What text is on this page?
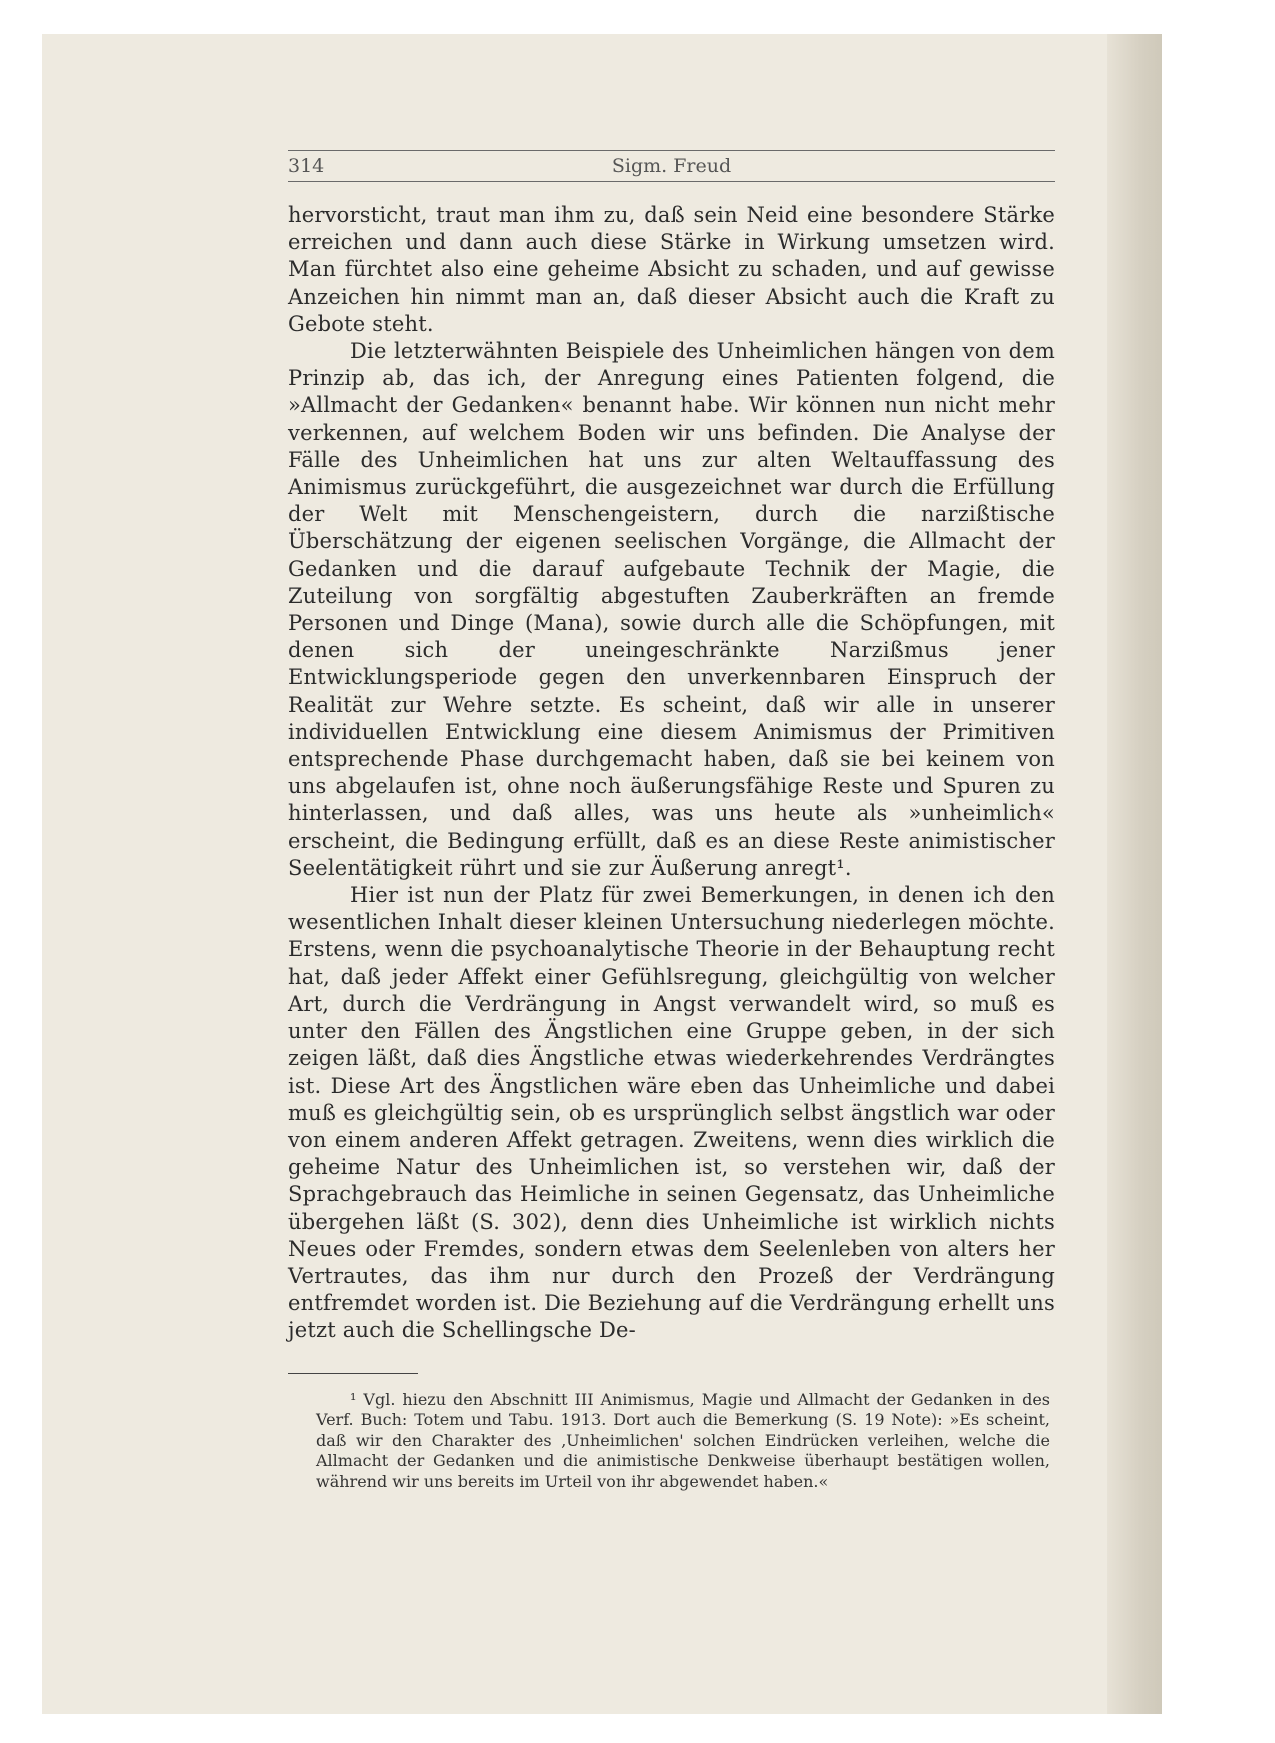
314	Sigm. Freud

hervorsticht, traut man ihm zu, daß sein Neid eine besondere Stärke erreichen und dann auch diese Stärke in Wirkung umsetzen wird. Man fürchtet also eine geheime Absicht zu schaden, und auf gewisse Anzeichen hin nimmt man an, daß dieser Absicht auch die Kraft zu Gebote steht.

Die letzterwähnten Beispiele des Unheimlichen hängen von dem Prinzip ab, das ich, der Anregung eines Patienten folgend, die »Allmacht der Gedanken« benannt habe. Wir können nun nicht mehr verkennen, auf welchem Boden wir uns befinden. Die Analyse der Fälle des Unheimlichen hat uns zur alten Weltauffassung des Animismus zurückgeführt, die ausgezeichnet war durch die Erfüllung der Welt mit Menschengeistern, durch die narzißtische Überschätzung der eigenen seelischen Vorgänge, die Allmacht der Gedanken und die darauf aufgebaute Technik der Magie, die Zuteilung von sorgfältig abgestuften Zauberkräften an fremde Personen und Dinge (Mana), sowie durch alle die Schöpfungen, mit denen sich der uneingeschränkte Narzißmus jener Entwicklungsperiode gegen den unverkennbaren Einspruch der Realität zur Wehre setzte. Es scheint, daß wir alle in unserer individuellen Entwicklung eine diesem Animismus der Primitiven entsprechende Phase durchgemacht haben, daß sie bei keinem von uns abgelaufen ist, ohne noch äußerungsfähige Reste und Spuren zu hinterlassen, und daß alles, was uns heute als »unheimlich« erscheint, die Bedingung erfüllt, daß es an diese Reste animistischer Seelentätigkeit rührt und sie zur Äußerung anregt¹.

Hier ist nun der Platz für zwei Bemerkungen, in denen ich den wesentlichen Inhalt dieser kleinen Untersuchung niederlegen möchte. Erstens, wenn die psychoanalytische Theorie in der Behauptung recht hat, daß jeder Affekt einer Gefühlsregung, gleichgültig von welcher Art, durch die Verdrängung in Angst verwandelt wird, so muß es unter den Fällen des Ängstlichen eine Gruppe geben, in der sich zeigen läßt, daß dies Ängstliche etwas wiederkehrendes Verdrängtes ist. Diese Art des Ängstlichen wäre eben das Unheimliche und dabei muß es gleichgültig sein, ob es ursprünglich selbst ängstlich war oder von einem anderen Affekt getragen. Zweitens, wenn dies wirklich die geheime Natur des Unheimlichen ist, so verstehen wir, daß der Sprachgebrauch das Heimliche in seinen Gegensatz, das Unheimliche übergehen läßt (S. 302), denn dies Unheimliche ist wirklich nichts Neues oder Fremdes, sondern etwas dem Seelenleben von alters her Vertrautes, das ihm nur durch den Prozeß der Verdrängung entfremdet worden ist. Die Beziehung auf die Verdrängung erhellt uns jetzt auch die Schellingsche De-

¹ Vgl. hiezu den Abschnitt III Animismus, Magie und Allmacht der Gedanken in des Verf. Buch: Totem und Tabu. 1913. Dort auch die Bemerkung (S. 19 Note): »Es scheint, daß wir den Charakter des ‚Unheimlichen' solchen Eindrücken verleihen, welche die Allmacht der Gedanken und die animistische Denkweise überhaupt bestätigen wollen, während wir uns bereits im Urteil von ihr abgewendet haben.«
